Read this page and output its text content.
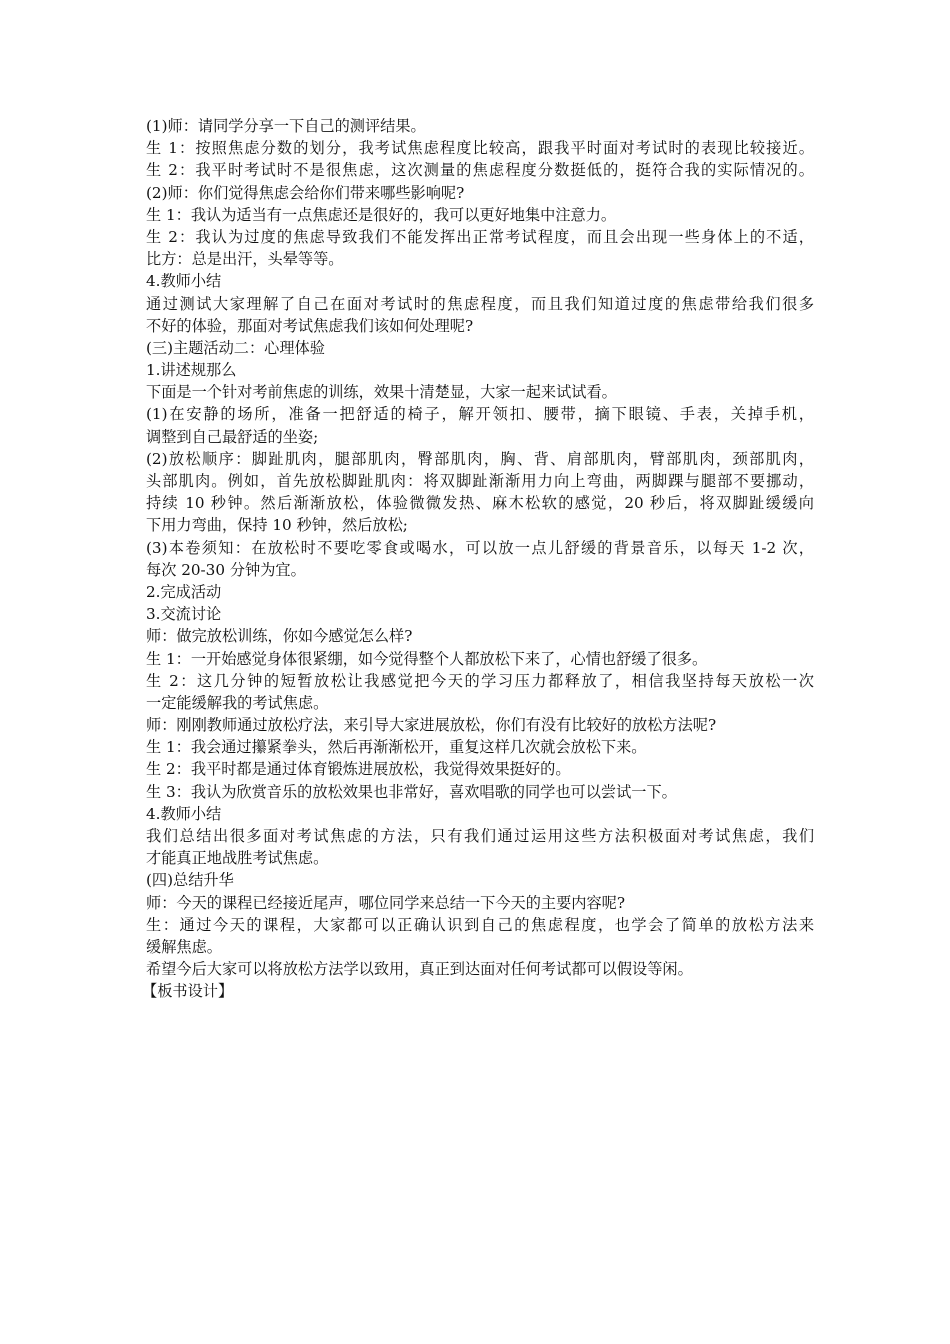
(1)师：请同学分享一下自己的测评结果。
生 1：按照焦虑分数的划分，我考试焦虑程度比较高，跟我平时面对考试时的表现比较接近。
生 2：我平时考试时不是很焦虑，这次测量的焦虑程度分数挺低的，挺符合我的实际情况的。
(2)师：你们觉得焦虑会给你们带来哪些影响呢?
生 1：我认为适当有一点焦虑还是很好的，我可以更好地集中注意力。
生 2：我认为过度的焦虑导致我们不能发挥出正常考试程度，而且会出现一些身体上的不适，
比方：总是出汗，头晕等等。
4.教师小结
通过测试大家理解了自己在面对考试时的焦虑程度，而且我们知道过度的焦虑带给我们很多
不好的体验，那面对考试焦虑我们该如何处理呢?
(三)主题活动二：心理体验
1.讲述规那么
下面是一个针对考前焦虑的训练，效果十清楚显，大家一起来试试看。
(1)在安静的场所，准备一把舒适的椅子，解开领扣、腰带，摘下眼镜、手表，关掉手机，
调整到自己最舒适的坐姿;
(2)放松顺序：脚趾肌肉，腿部肌肉，臀部肌肉，胸、背、肩部肌肉，臂部肌肉，颈部肌肉，
头部肌肉。例如，首先放松脚趾肌肉：将双脚趾渐渐用力向上弯曲，两脚踝与腿部不要挪动，
持续 10 秒钟。然后渐渐放松，体验微微发热、麻木松软的感觉，20 秒后，将双脚趾缓缓向
下用力弯曲，保持 10 秒钟，然后放松;
(3)本卷须知：在放松时不要吃零食或喝水，可以放一点儿舒缓的背景音乐，以每天 1-2 次，
每次 20-30 分钟为宜。
2.完成活动
3.交流讨论
师：做完放松训练，你如今感觉怎么样?
生 1：一开始感觉身体很紧绷，如今觉得整个人都放松下来了，心情也舒缓了很多。
生 2：这几分钟的短暂放松让我感觉把今天的学习压力都释放了，相信我坚持每天放松一次
一定能缓解我的考试焦虑。
师：刚刚教师通过放松疗法，来引导大家进展放松，你们有没有比较好的放松方法呢?
生 1：我会通过攥紧拳头，然后再渐渐松开，重复这样几次就会放松下来。
生 2：我平时都是通过体育锻炼进展放松，我觉得效果挺好的。
生 3：我认为欣赏音乐的放松效果也非常好，喜欢唱歌的同学也可以尝试一下。
4.教师小结
我们总结出很多面对考试焦虑的方法，只有我们通过运用这些方法积极面对考试焦虑，我们
才能真正地战胜考试焦虑。
(四)总结升华
师：今天的课程已经接近尾声，哪位同学来总结一下今天的主要内容呢?
生：通过今天的课程，大家都可以正确认识到自己的焦虑程度，也学会了简单的放松方法来
缓解焦虑。
希望今后大家可以将放松方法学以致用，真正到达面对任何考试都可以假设等闲。
【板书设计】
